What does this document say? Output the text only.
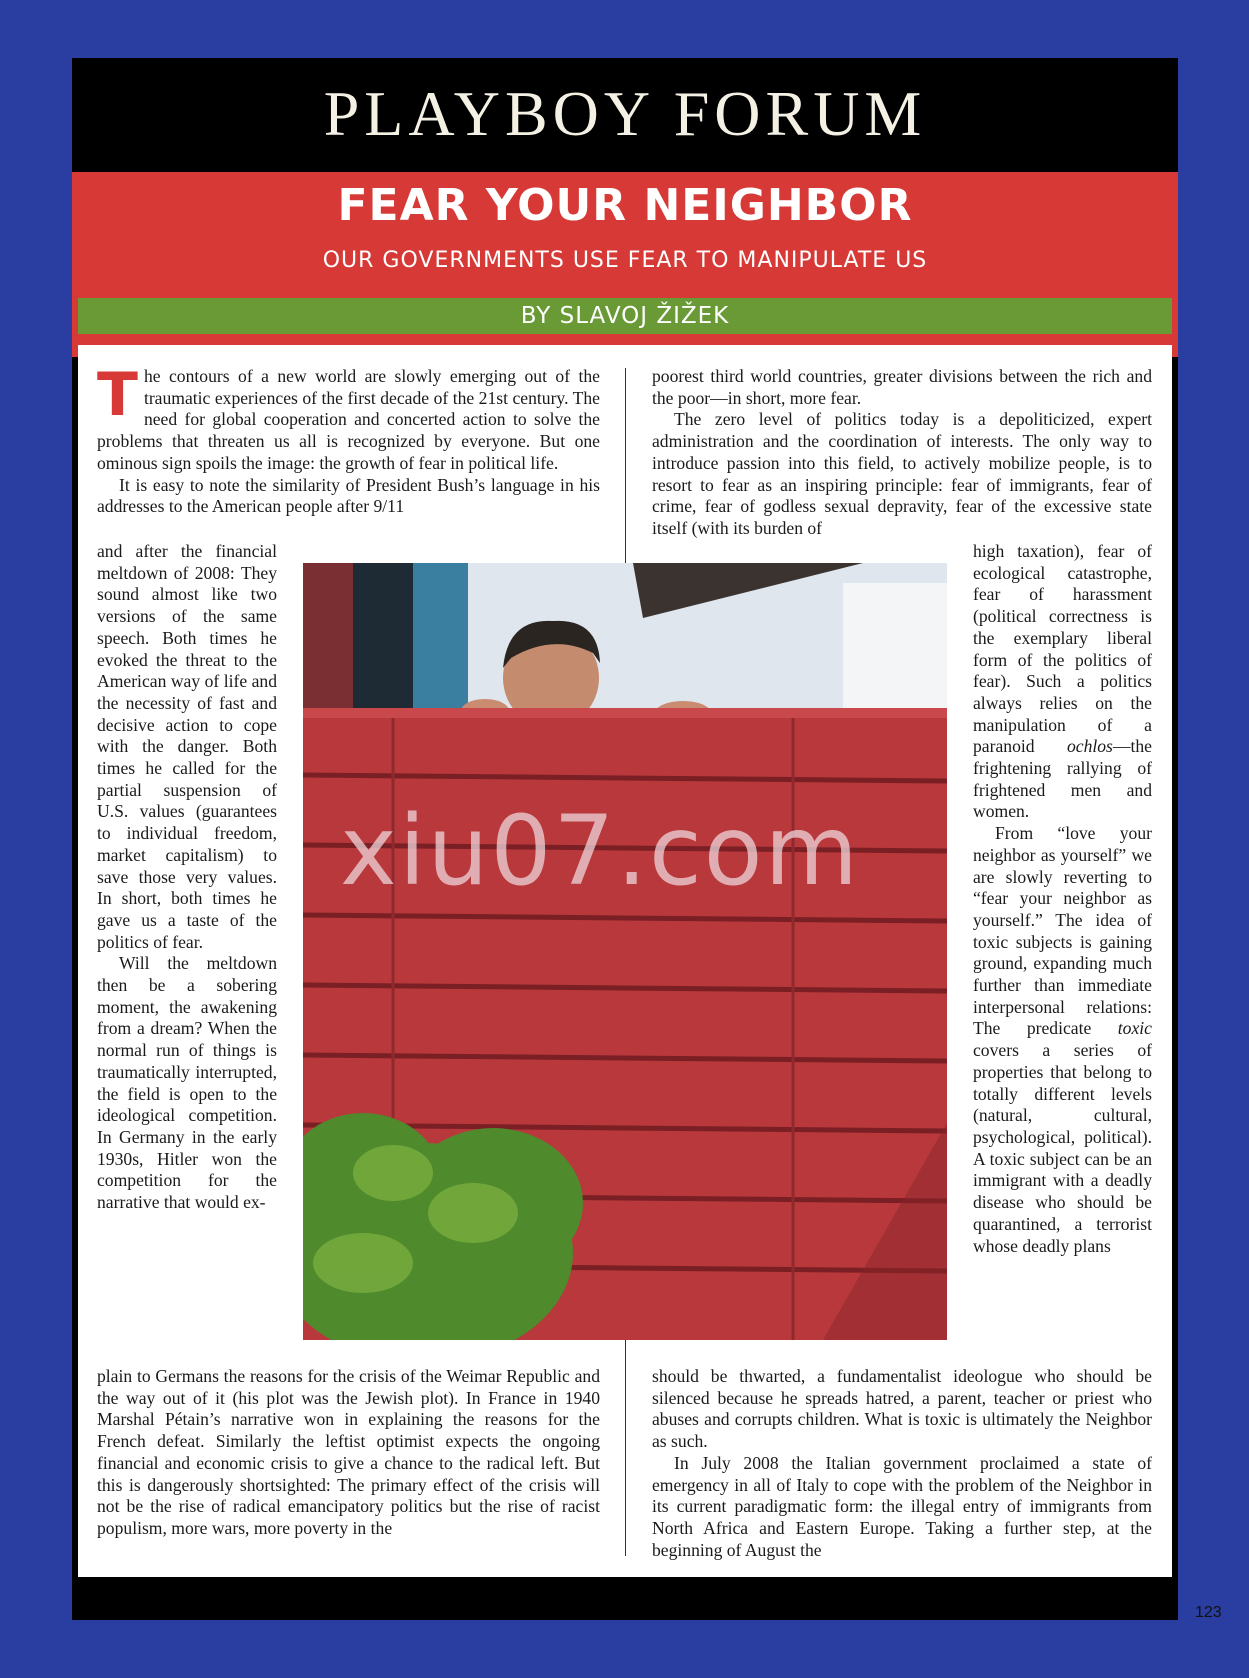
PLAYBOY FORUM
FEAR YOUR NEIGHBOR
OUR GOVERNMENTS USE FEAR TO MANIPULATE US
BY SLAVOJ ŽIŽEK
T he contours of a new world are slowly emerging out of the traumatic experiences of the first decade of the 21st century. The need for global cooperation and concerted action to solve the problems that threaten us all is recognized by everyone. But one ominous sign spoils the image: the growth of fear in political life.

It is easy to note the similarity of President Bush’s language in his addresses to the American people after 9/11

and after the financial meltdown of 2008: They sound almost like two versions of the same speech. Both times he evoked the threat to the American way of life and the necessity of fast and decisive action to cope with the danger. Both times he called for the partial suspension of U.S. values (guarantees to individual freedom, market capitalism) to save those very values. In short, both times he gave us a taste of the politics of fear.

Will the meltdown then be a sobering moment, the awakening from a dream? When the normal run of things is traumatically interrupted, the field is open to the ideological competition. In Germany in the early 1930s, Hitler won the competition for the narrative that would ex-

plain to Germans the reasons for the crisis of the Weimar Republic and the way out of it (his plot was the Jewish plot). In France in 1940 Marshal Pétain’s narrative won in explaining the reasons for the French defeat. Similarly the leftist optimist expects the ongoing financial and economic crisis to give a chance to the radical left. But this is dangerously shortsighted: The primary effect of the crisis will not be the rise of radical emancipatory politics but the rise of racist populism, more wars, more poverty in the

poorest third world countries, greater divisions between the rich and the poor—in short, more fear.

The zero level of politics today is a depoliticized, expert administration and the coordination of interests. The only way to introduce passion into this field, to actively mobilize people, is to resort to fear as an inspiring principle: fear of immigrants, fear of crime, fear of godless sexual depravity, fear of the excessive state itself (with its burden of

high taxation), fear of ecological catastrophe, fear of harassment (political correctness is the exemplary liberal form of the politics of fear). Such a politics always relies on the manipulation of a paranoid ochlos—the frightening rallying of frightened men and women.

From “love your neighbor as yourself” we are slowly reverting to “fear your neighbor as yourself.” The idea of toxic subjects is gaining ground, expanding much further than immediate interpersonal relations: The predicate toxic covers a series of properties that belong to totally different levels (natural, cultural, psychological, political). A toxic subject can be an immigrant with a deadly disease who should be quarantined, a terrorist whose deadly plans

should be thwarted, a fundamentalist ideologue who should be silenced because he spreads hatred, a parent, teacher or priest who abuses and corrupts children. What is toxic is ultimately the Neighbor as such.

In July 2008 the Italian government proclaimed a state of emergency in all of Italy to cope with the problem of the Neighbor in its current paradigmatic form: the illegal entry of immigrants from North Africa and Eastern Europe. Taking a further step, at the beginning of August the

xiu07.com
123
